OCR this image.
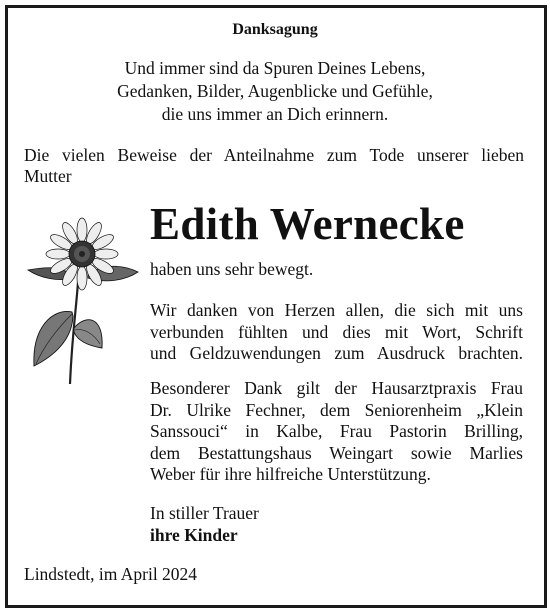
Danksagung
Und immer sind da Spuren Deines Lebens,
Gedanken, Bilder, Augenblicke und Gefühle,
die uns immer an Dich erinnern.
Die vielen Beweise der Anteilnahme zum Tode unserer lieben
Mutter
Edith Wernecke
haben uns sehr bewegt.
Wir danken von Herzen allen, die sich mit uns
verbunden fühlten und dies mit Wort, Schrift
und Geldzuwendungen zum Ausdruck brachten.
Besonderer Dank gilt der Hausarztpraxis Frau
Dr. Ulrike Fechner, dem Seniorenheim „Klein
Sanssouci“ in Kalbe, Frau Pastorin Brilling,
dem Bestattungshaus Weingart sowie Marlies
Weber für ihre hilfreiche Unterstützung.
In stiller Trauer
ihre Kinder
Lindstedt, im April 2024
